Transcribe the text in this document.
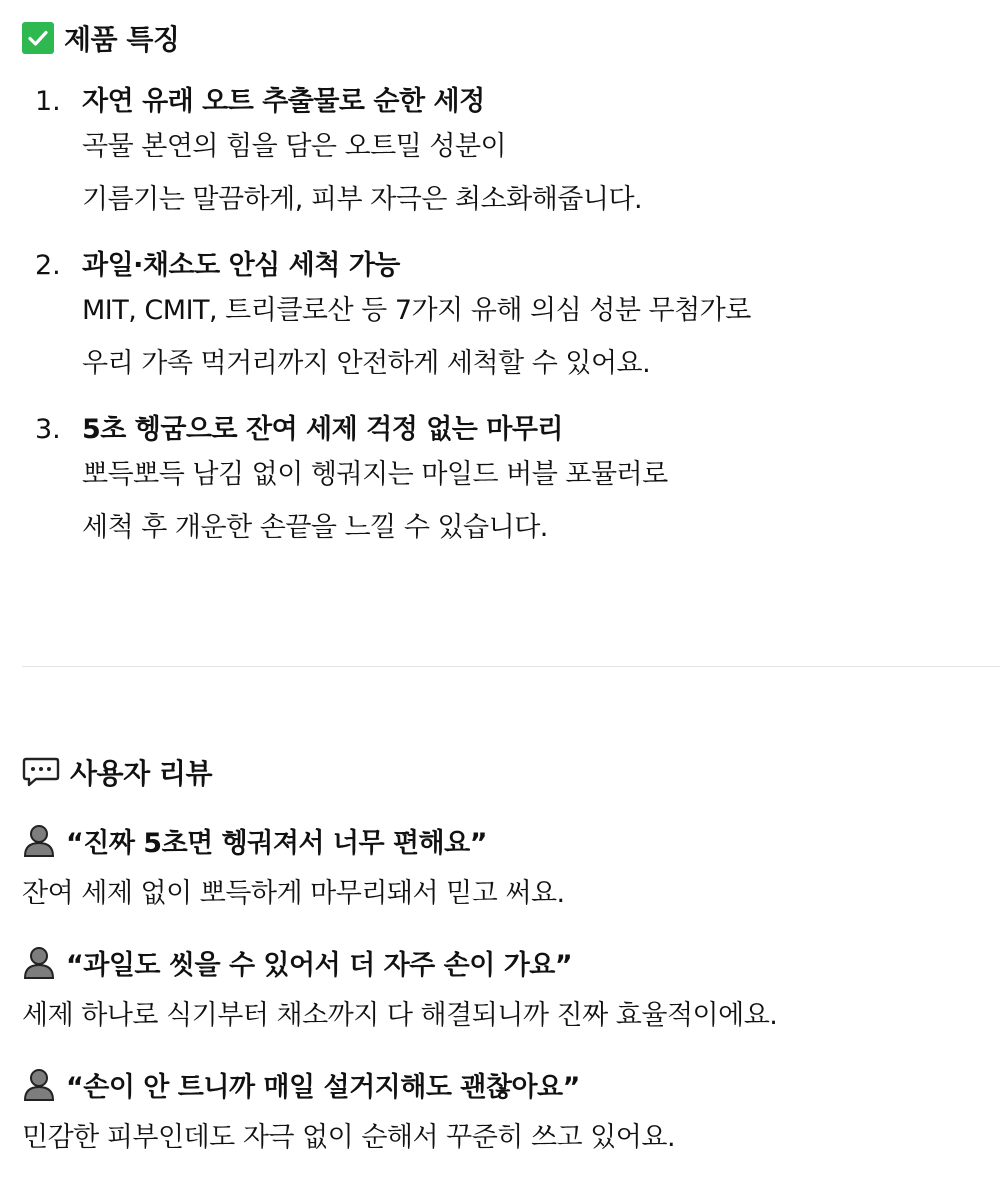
제품 특징
1. 자연 유래 오트 추출물로 순한 세정
곡물 본연의 힘을 담은 오트밀 성분이
기름기는 말끔하게, 피부 자극은 최소화해줍니다.
2. 과일·채소도 안심 세척 가능
MIT, CMIT, 트리클로산 등 7가지 유해 의심 성분 무첨가로
우리 가족 먹거리까지 안전하게 세척할 수 있어요.
3. 5초 헹굼으로 잔여 세제 걱정 없는 마무리
뽀득뽀득 남김 없이 헹궈지는 마일드 버블 포뮬러로
세척 후 개운한 손끝을 느낄 수 있습니다.
사용자 리뷰
“진짜 5초면 헹궈져서 너무 편해요”
잔여 세제 없이 뽀득하게 마무리돼서 믿고 써요.
“과일도 씻을 수 있어서 더 자주 손이 가요”
세제 하나로 식기부터 채소까지 다 해결되니까 진짜 효율적이에요.
“손이 안 트니까 매일 설거지해도 괜찮아요”
민감한 피부인데도 자극 없이 순해서 꾸준히 쓰고 있어요.
